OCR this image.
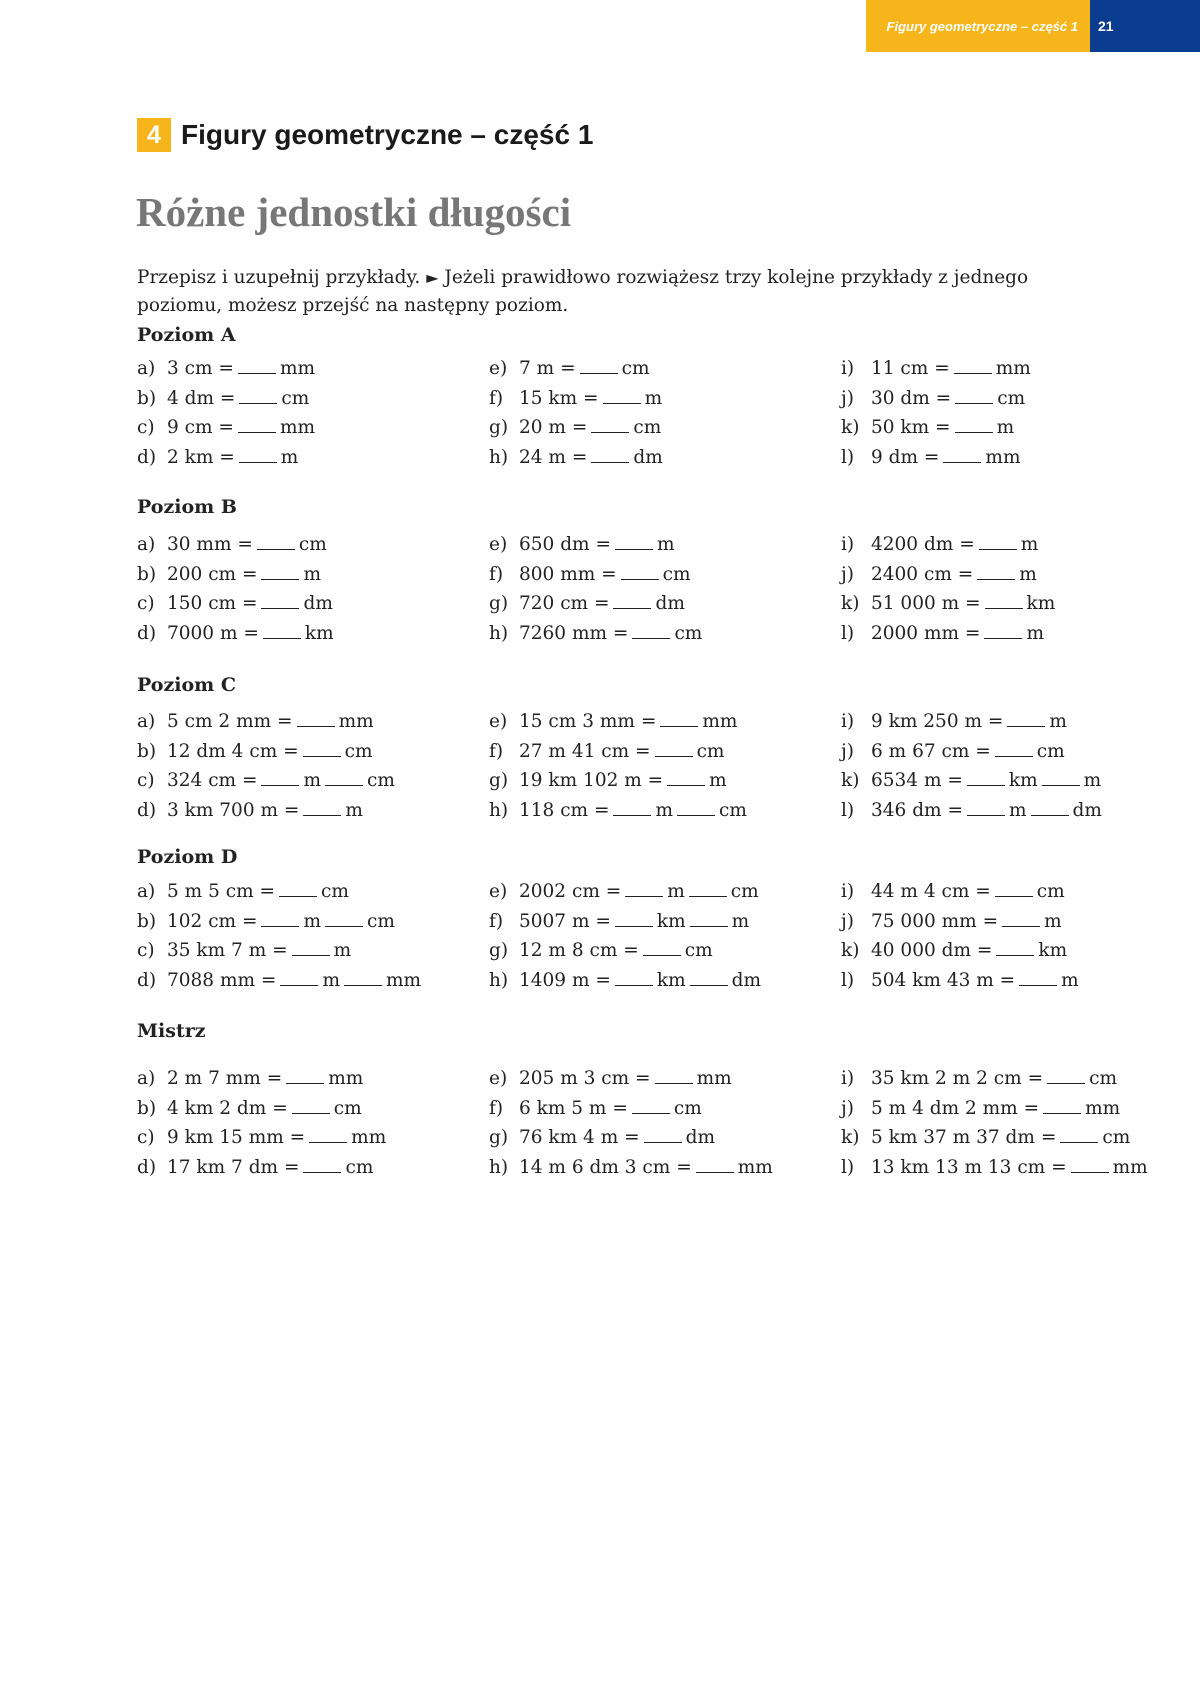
Figury geometryczne – część 1	21
4 Figury geometryczne – część 1
Różne jednostki długości
Przepisz i uzupełnij przykłady. ► Jeżeli prawidłowo rozwiążesz trzy kolejne przykłady z jednego poziomu, możesz przejść na następny poziom.
Poziom A
a) 3 cm = mm
b) 4 dm = cm
c) 9 cm = mm
d) 2 km = m
e) 7 m = cm
f) 15 km = m
g) 20 m = cm
h) 24 m = dm
i) 11 cm = mm
j) 30 dm = cm
k) 50 km = m
l) 9 dm = mm
Poziom B
a) 30 mm = cm
b) 200 cm = m
c) 150 cm = dm
d) 7000 m = km
e) 650 dm = m
f) 800 mm = cm
g) 720 cm = dm
h) 7260 mm = cm
i) 4200 dm = m
j) 2400 cm = m
k) 51 000 m = km
l) 2000 mm = m
Poziom C
a) 5 cm 2 mm = mm
b) 12 dm 4 cm = cm
c) 324 cm = m cm
d) 3 km 700 m = m
e) 15 cm 3 mm = mm
f) 27 m 41 cm = cm
g) 19 km 102 m = m
h) 118 cm = m cm
i) 9 km 250 m = m
j) 6 m 67 cm = cm
k) 6534 m = km m
l) 346 dm = m dm
Poziom D
a) 5 m 5 cm = cm
b) 102 cm = m cm
c) 35 km 7 m = m
d) 7088 mm = m mm
e) 2002 cm = m cm
f) 5007 m = km m
g) 12 m 8 cm = cm
h) 1409 m = km dm
i) 44 m 4 cm = cm
j) 75 000 mm = m
k) 40 000 dm = km
l) 504 km 43 m = m
Mistrz
a) 2 m 7 mm = mm
b) 4 km 2 dm = cm
c) 9 km 15 mm = mm
d) 17 km 7 dm = cm
e) 205 m 3 cm = mm
f) 6 km 5 m = cm
g) 76 km 4 m = dm
h) 14 m 6 dm 3 cm = mm
i) 35 km 2 m 2 cm = cm
j) 5 m 4 dm 2 mm = mm
k) 5 km 37 m 37 dm = cm
l) 13 km 13 m 13 cm = mm
